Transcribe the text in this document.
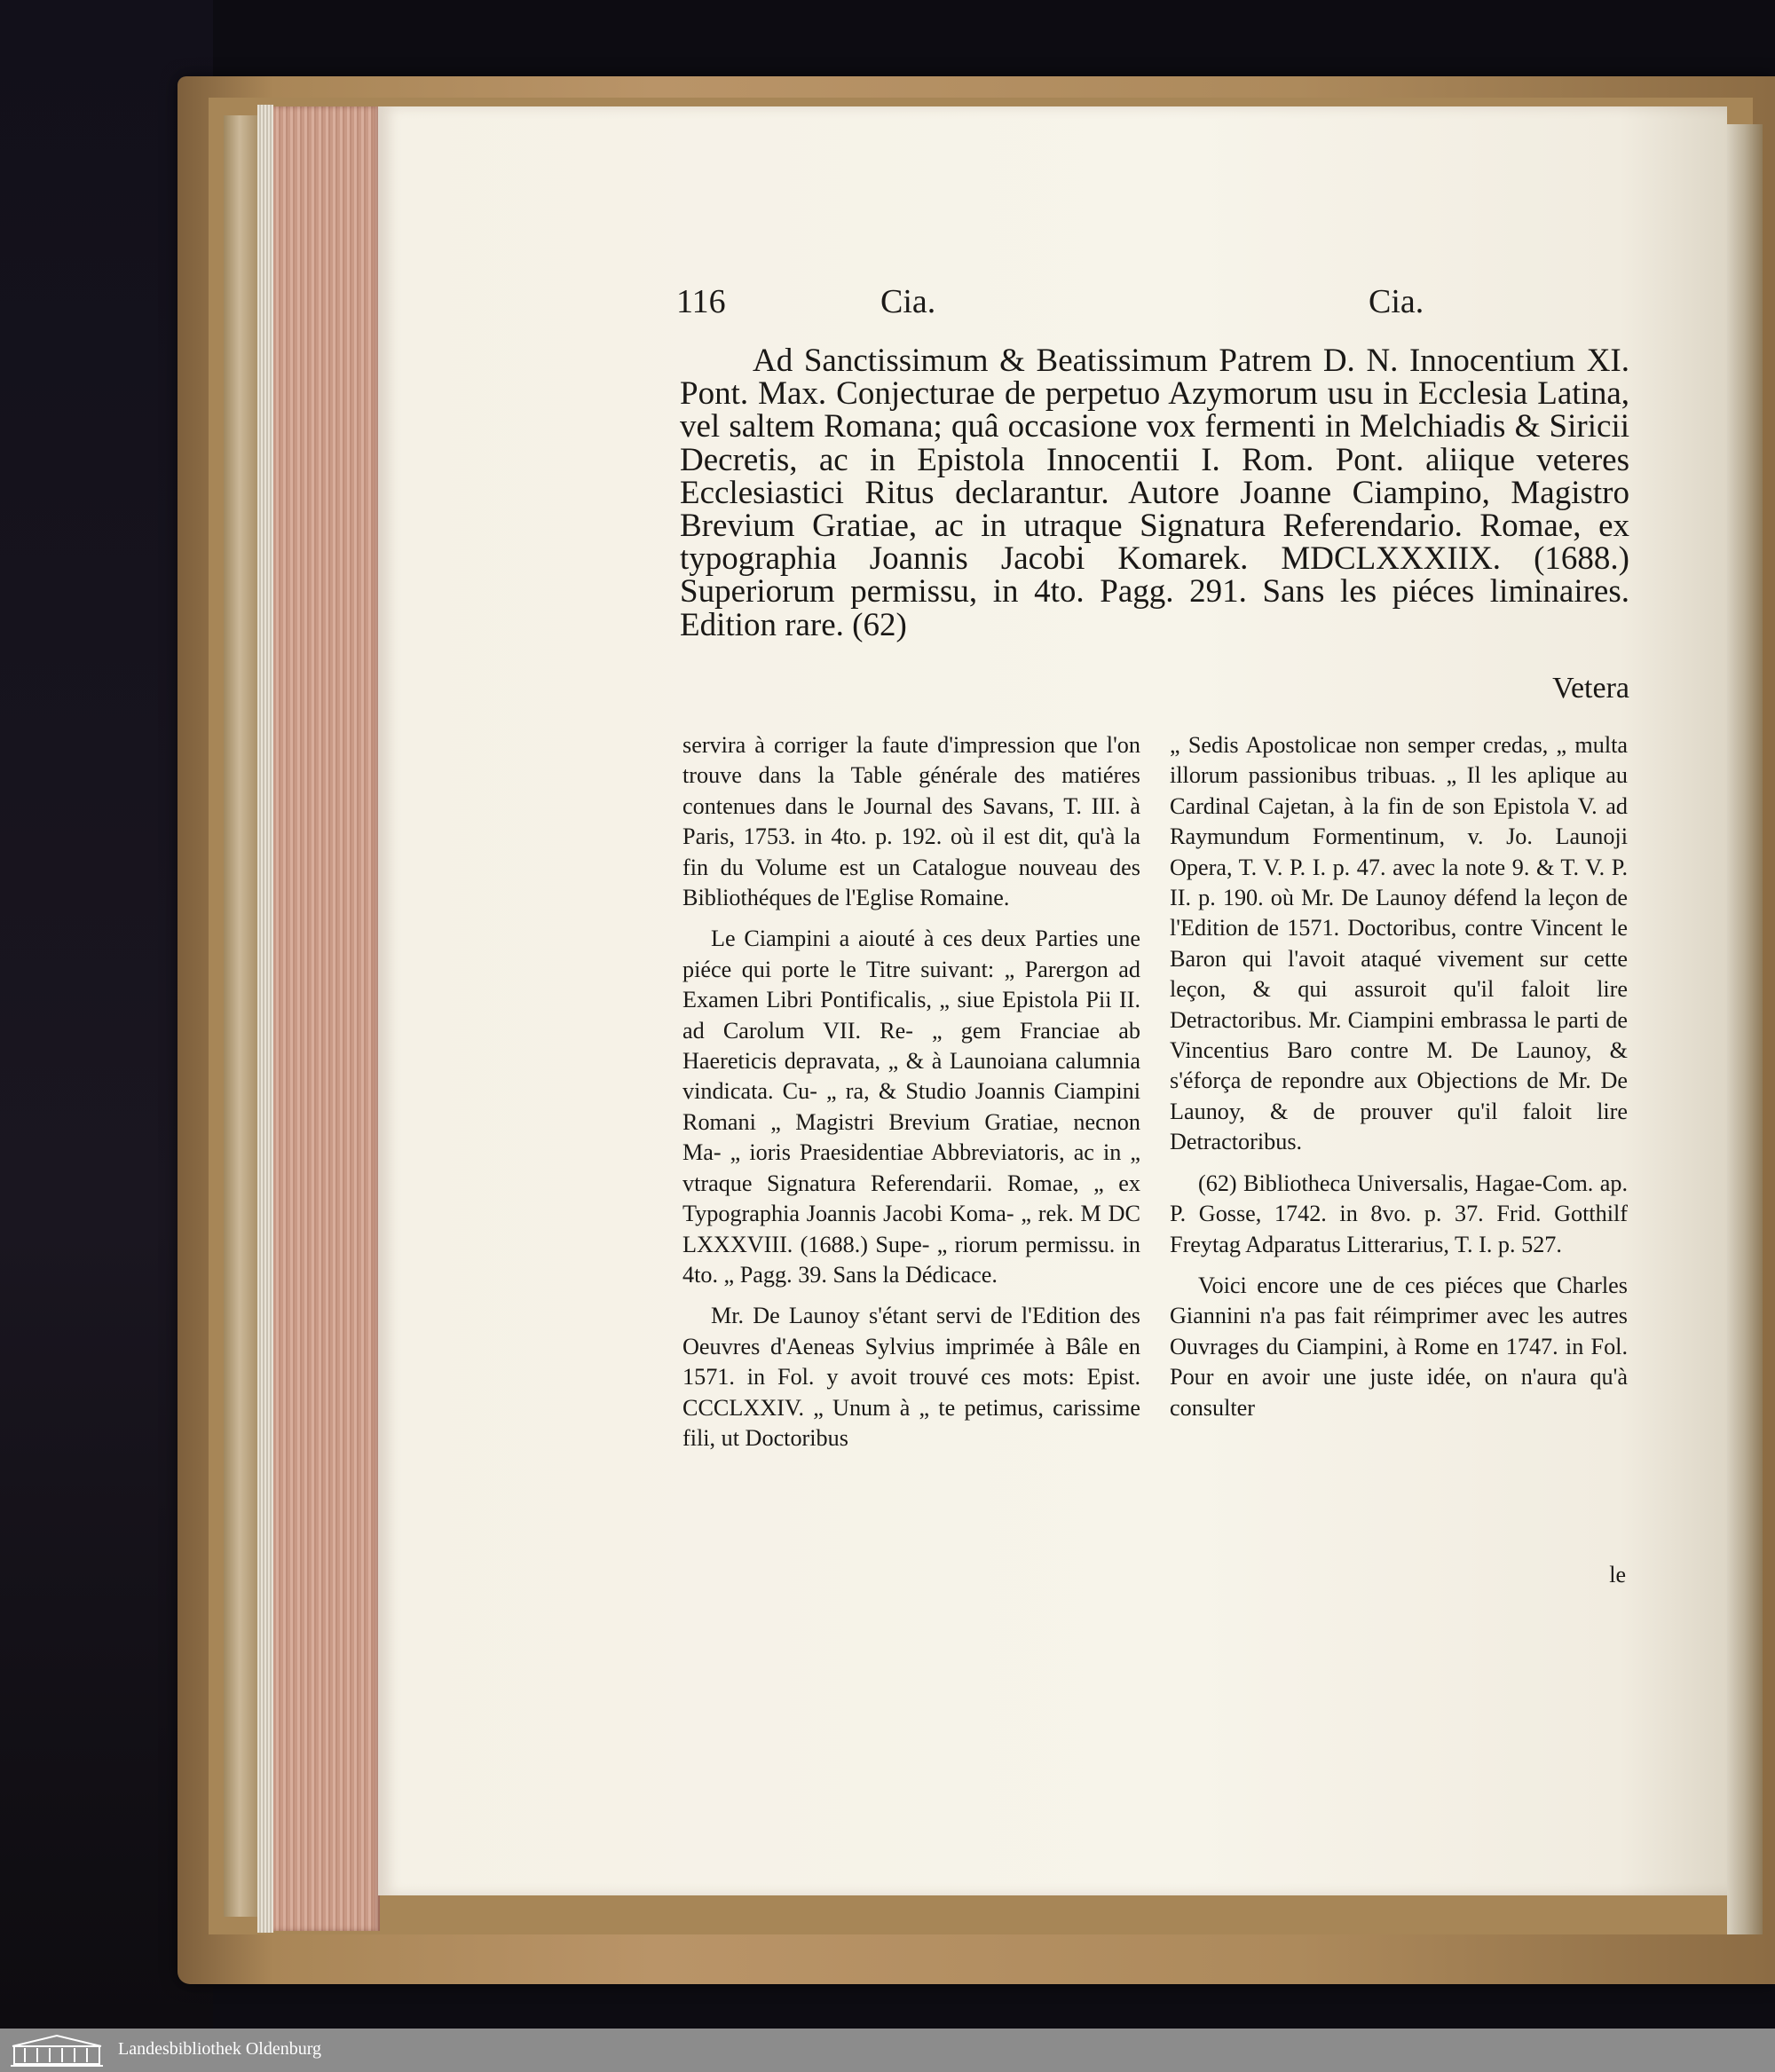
116	Cia.	Cia.

Ad Sanctissimum & Beatissimum Patrem D. N. Innocentium XI. Pont. Max. Conjecturae de perpetuo Azymorum usu in Ecclesia Latina, vel saltem Romana; quâ occasione vox fermenti in Melchiadis & Siricii Decretis, ac in Epistola Innocentii I. Rom. Pont. aliique veteres Ecclesiastici Ritus declarantur. Autore Joanne Ciampino, Magistro Brevium Gratiae, ac in utraque Signatura Referendario. Romae, ex typographia Joannis Jacobi Komarek. MDCLXXXIIX. (1688.) Superiorum permissu, in 4to. Pagg. 291. Sans les piéces liminaires. Edition rare. (62)

Vetera

servira à corriger la faute d'impression que l'on trouve dans la Table générale des matiéres contenues dans le Journal des Savans, T. III. à Paris, 1753. in 4to. p. 192. où il est dit, qu'à la fin du Volume est un Catalogue nouveau des Bibliothéques de l'Eglise Romaine.

Le Ciampini a aiouté à ces deux Parties une piéce qui porte le Titre suivant: „ Parergon ad Examen Libri Pontificalis, „ siue Epistola Pii II. ad Carolum VII. Re- „ gem Franciae ab Haereticis depravata, „ & à Launoiana calumnia vindicata. Cu- „ ra, & Studio Joannis Ciampini Romani „ Magistri Brevium Gratiae, necnon Ma- „ ioris Praesidentiae Abbreviatoris, ac in „ vtraque Signatura Referendarii. Romae, „ ex Typographia Joannis Jacobi Koma- „ rek. M DC LXXXVIII. (1688.) Supe- „ riorum permissu. in 4to. „ Pagg. 39. Sans la Dédicace.

Mr. De Launoy s'étant servi de l'Edition des Oeuvres d'Aeneas Sylvius imprimée à Bâle en 1571. in Fol. y avoit trouvé ces mots: Epist. CCCLXXIV. „ Unum à „ te petimus, carissime fili, ut Doctoribus

„ Sedis Apostolicae non semper credas, „ multa illorum passionibus tribuas. „ Il les aplique au Cardinal Cajetan, à la fin de son Epistola V. ad Raymundum Formentinum, v. Jo. Launoji Opera, T. V. P. I. p. 47. avec la note 9. & T. V. P. II. p. 190. où Mr. De Launoy défend la leçon de l'Edition de 1571. Doctoribus, contre Vincent le Baron qui l'avoit ataqué vivement sur cette leçon, & qui assuroit qu'il faloit lire Detractoribus. Mr. Ciampini embrassa le parti de Vincentius Baro contre M. De Launoy, & s'éforça de repondre aux Objections de Mr. De Launoy, & de prouver qu'il faloit lire Detractoribus.

(62) Bibliotheca Universalis, Hagae-Com. ap. P. Gosse, 1742. in 8vo. p. 37. Frid. Gotthilf Freytag Adparatus Litterarius, T. I. p. 527.

Voici encore une de ces piéces que Charles Giannini n'a pas fait réimprimer avec les autres Ouvrages du Ciampini, à Rome en 1747. in Fol. Pour en avoir une juste idée, on n'aura qu'à consulter

le
Landesbibliothek Oldenburg
